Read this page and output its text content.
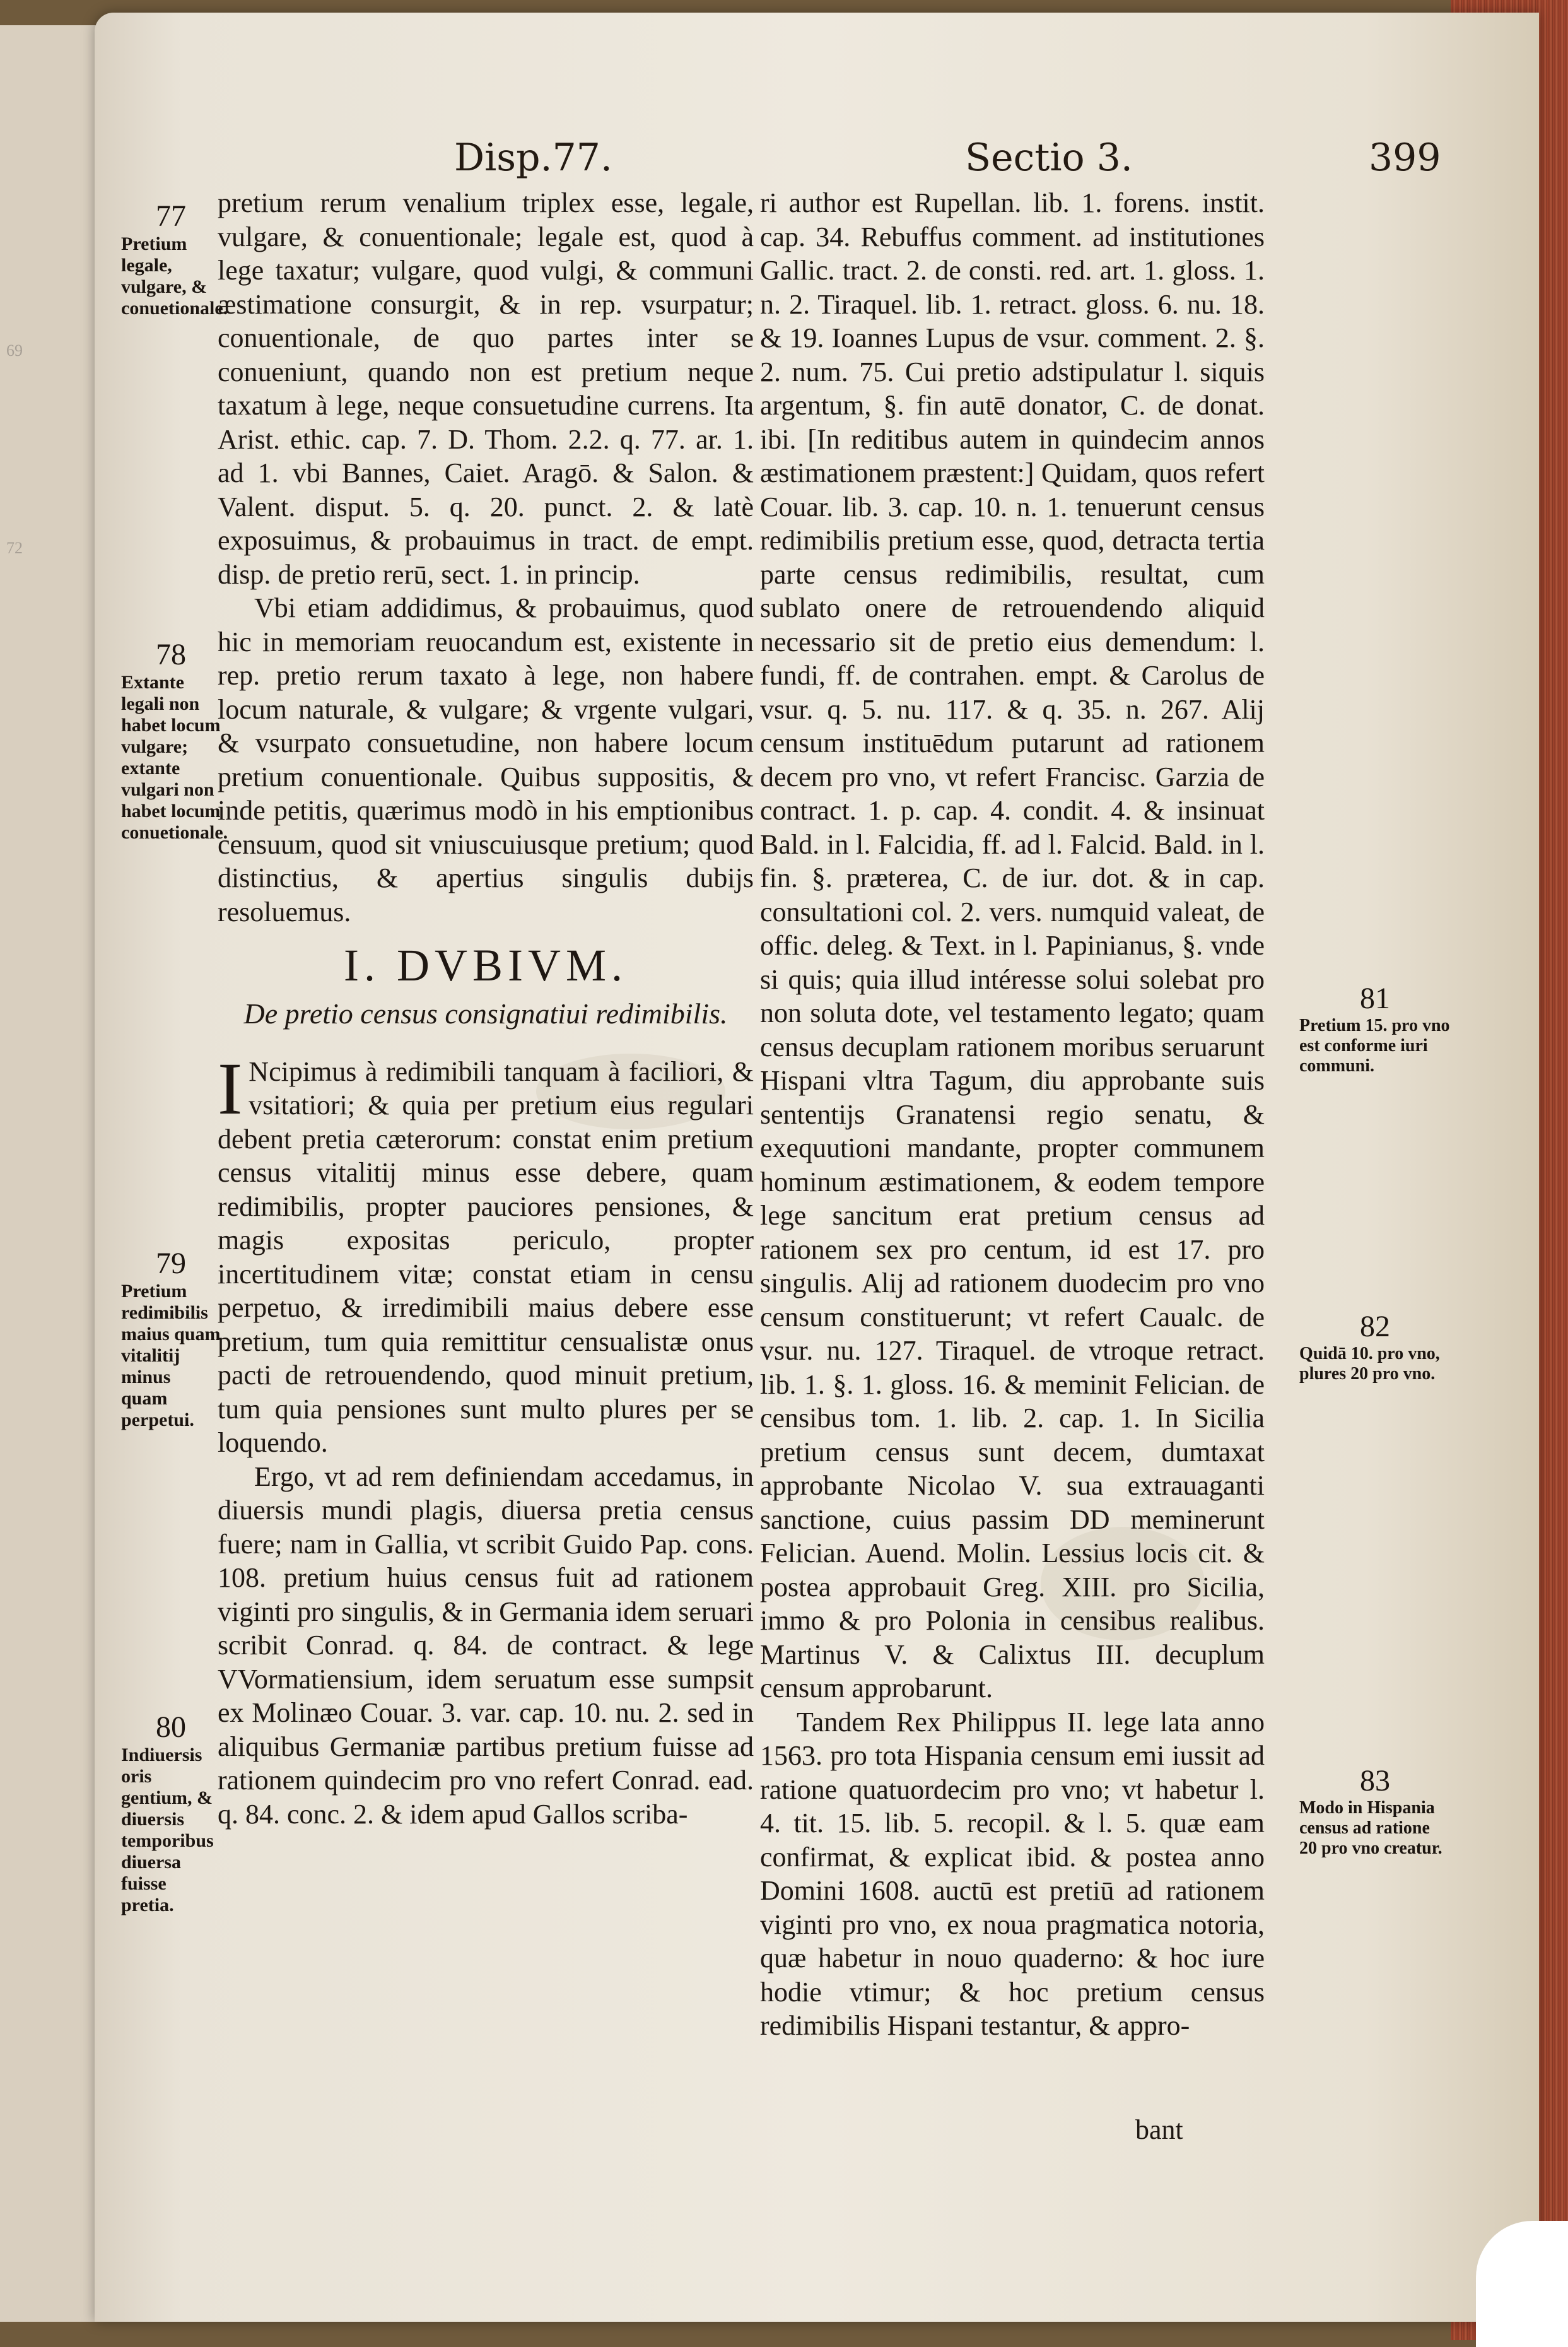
69
72
Disp.77.	Sectio 3.	399
77
Pretium legale, vulgare, & conuetionale.
78
Extante legali non habet locum vulgare; extante vulgari non habet locum conuetionale.
79
Pretium redimibilis maius quam vitalitij minus quam perpetui.
80
Indiuersis oris gentium, & diuersis temporibus diuersa fuisse pretia.
81
Pretium 15. pro vno est conforme iuri communi.
82
Quidā 10. pro vno, plures 20 pro vno.
83
Modo in Hispania census ad ratione 20 pro vno creatur.

pretium rerum venalium triplex esse, legale, vulgare, & conuentionale; legale est, quod à lege taxatur; vulgare, quod vulgi, & communi æstimatione consurgit, & in rep. vsurpatur; conuentionale, de quo partes inter se conueniunt, quando non est pretium neque taxatum à lege, neque consuetudine currens. Ita Arist. ethic. cap. 7. D. Thom. 2.2. q. 77. ar. 1. ad 1. vbi Bannes, Caiet. Aragō. & Salon. & Valent. disput. 5. q. 20. punct. 2. & latè exposuimus, & probauimus in tract. de empt. disp. de pretio rerū, sect. 1. in princip.

Vbi etiam addidimus, & probauimus, quod hic in memoriam reuocandum est, existente in rep. pretio rerum taxato à lege, non habere locum naturale, & vulgare; & vrgente vulgari, & vsurpato consuetudine, non habere locum pretium conuentionale. Quibus suppositis, & inde petitis, quærimus modò in his emptionibus censuum, quod sit vniuscuiusque pretium; quod distinctius, & apertius singulis dubijs resoluemus.

I. DVBIVM.
De pretio census consignatiui redimibilis.

I Ncipimus à redimibili tanquam à faciliori, & vsitatiori; & quia per pretium eius regulari debent pretia cæterorum: constat enim pretium census vitalitij minus esse debere, quam redimibilis, propter pauciores pensiones, & magis expositas periculo, propter incertitudinem vitæ; constat etiam in censu perpetuo, & irredimibili maius debere esse pretium, tum quia remittitur censualistæ onus pacti de retrouendendo, quod minuit pretium, tum quia pensiones sunt multo plures per se loquendo.

Ergo, vt ad rem definiendam accedamus, in diuersis mundi plagis, diuersa pretia census fuere; nam in Gallia, vt scribit Guido Pap. cons. 108. pretium huius census fuit ad rationem viginti pro singulis, & in Germania idem seruari scribit Conrad. q. 84. de contract. & lege VVormatiensium, idem seruatum esse sumpsit ex Molinæo Couar. 3. var. cap. 10. nu. 2. sed in aliquibus Germaniæ partibus pretium fuisse ad rationem quindecim pro vno refert Conrad. ead. q. 84. conc. 2. & idem apud Gallos scriba-

ri author est Rupellan. lib. 1. forens. instit. cap. 34. Rebuffus comment. ad institutiones Gallic. tract. 2. de consti. red. art. 1. gloss. 1. n. 2. Tiraquel. lib. 1. retract. gloss. 6. nu. 18. & 19. Ioannes Lupus de vsur. comment. 2. §. 2. num. 75. Cui pretio adstipulatur l. siquis argentum, §. fin autē donator, C. de donat. ibi. [In reditibus autem in quindecim annos æstimationem præstent:] Quidam, quos refert Couar. lib. 3. cap. 10. n. 1. tenuerunt census redimibilis pretium esse, quod, detracta tertia parte census redimibilis, resultat, cum sublato onere de retrouendendo aliquid necessario sit de pretio eius demendum: l. fundi, ff. de contrahen. empt. & Carolus de vsur. q. 5. nu. 117. & q. 35. n. 267. Alij censum instituēdum putarunt ad rationem decem pro vno, vt refert Francisc. Garzia de contract. 1. p. cap. 4. condit. 4. & insinuat Bald. in l. Falcidia, ff. ad l. Falcid. Bald. in l. fin. §. præterea, C. de iur. dot. & in cap. consultationi col. 2. vers. numquid valeat, de offic. deleg. & Text. in l. Papinianus, §. vnde si quis; quia illud intéresse solui solebat pro non soluta dote, vel testamento legato; quam census decuplam rationem moribus seruarunt Hispani vltra Tagum, diu approbante suis sententijs Granatensi regio senatu, & exequutioni mandante, propter communem hominum æstimationem, & eodem tempore lege sancitum erat pretium census ad rationem sex pro centum, id est 17. pro singulis. Alij ad rationem duodecim pro vno censum constituerunt; vt refert Caualc. de vsur. nu. 127. Tiraquel. de vtroque retract. lib. 1. §. 1. gloss. 16. & meminit Felician. de censibus tom. 1. lib. 2. cap. 1. In Sicilia pretium census sunt decem, dumtaxat approbante Nicolao V. sua extrauaganti sanctione, cuius passim DD meminerunt Felician. Auend. Molin. Lessius locis cit. & postea approbauit Greg. XIII. pro Sicilia, immo & pro Polonia in censibus realibus. Martinus V. & Calixtus III. decuplum censum approbarunt.

Tandem Rex Philippus II. lege lata anno 1563. pro tota Hispania censum emi iussit ad ratione quatuordecim pro vno; vt habetur l. 4. tit. 15. lib. 5. recopil. & l. 5. quæ eam confirmat, & explicat ibid. & postea anno Domini 1608. auctū est pretiū ad rationem viginti pro vno, ex noua pragmatica notoria, quæ habetur in nouo quaderno: & hoc iure hodie vtimur; & hoc pretium census redimibilis Hispani testantur, & appro-

bant
